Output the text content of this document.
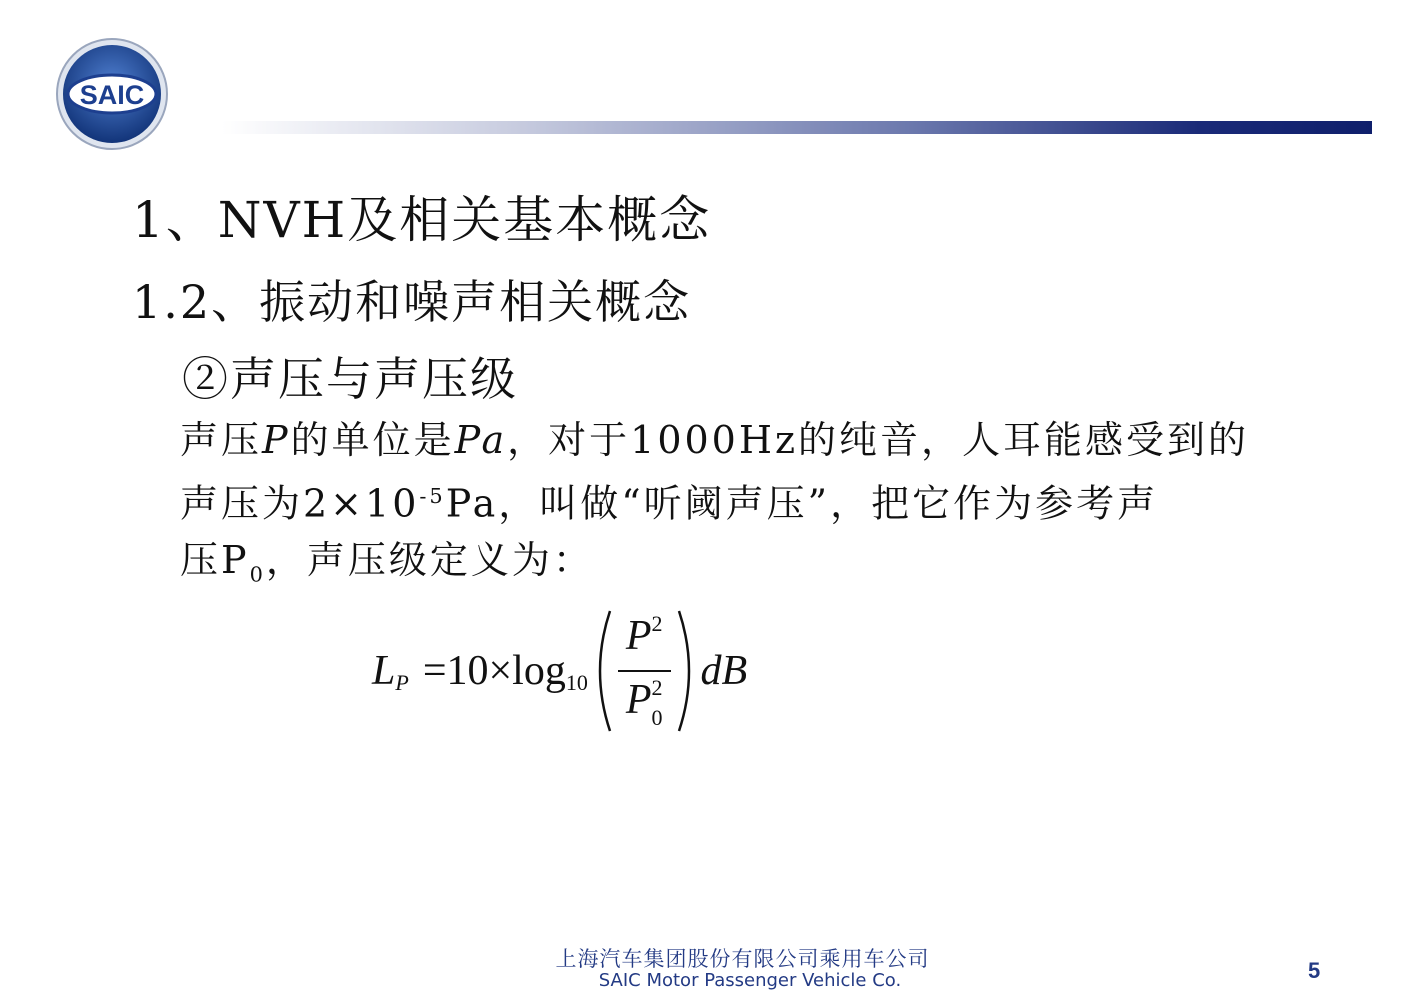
SAIC
1、NVH及相关基本概念
1.2、振动和噪声相关概念
②声压与声压级
声压P的单位是Pa，对于1000Hz的纯音，人耳能感受到的
声压为$2\times 10^{-5}Pa$，叫做“听阈声压”，把它作为参考声
压$P_0$，声压级定义为：
L P =10×log $10 \frac{P^2}{P_0^2}$ dB
上海汽车集团股份有限公司乘用车公司
SAIC Motor Passenger Vehicle Co.	5
